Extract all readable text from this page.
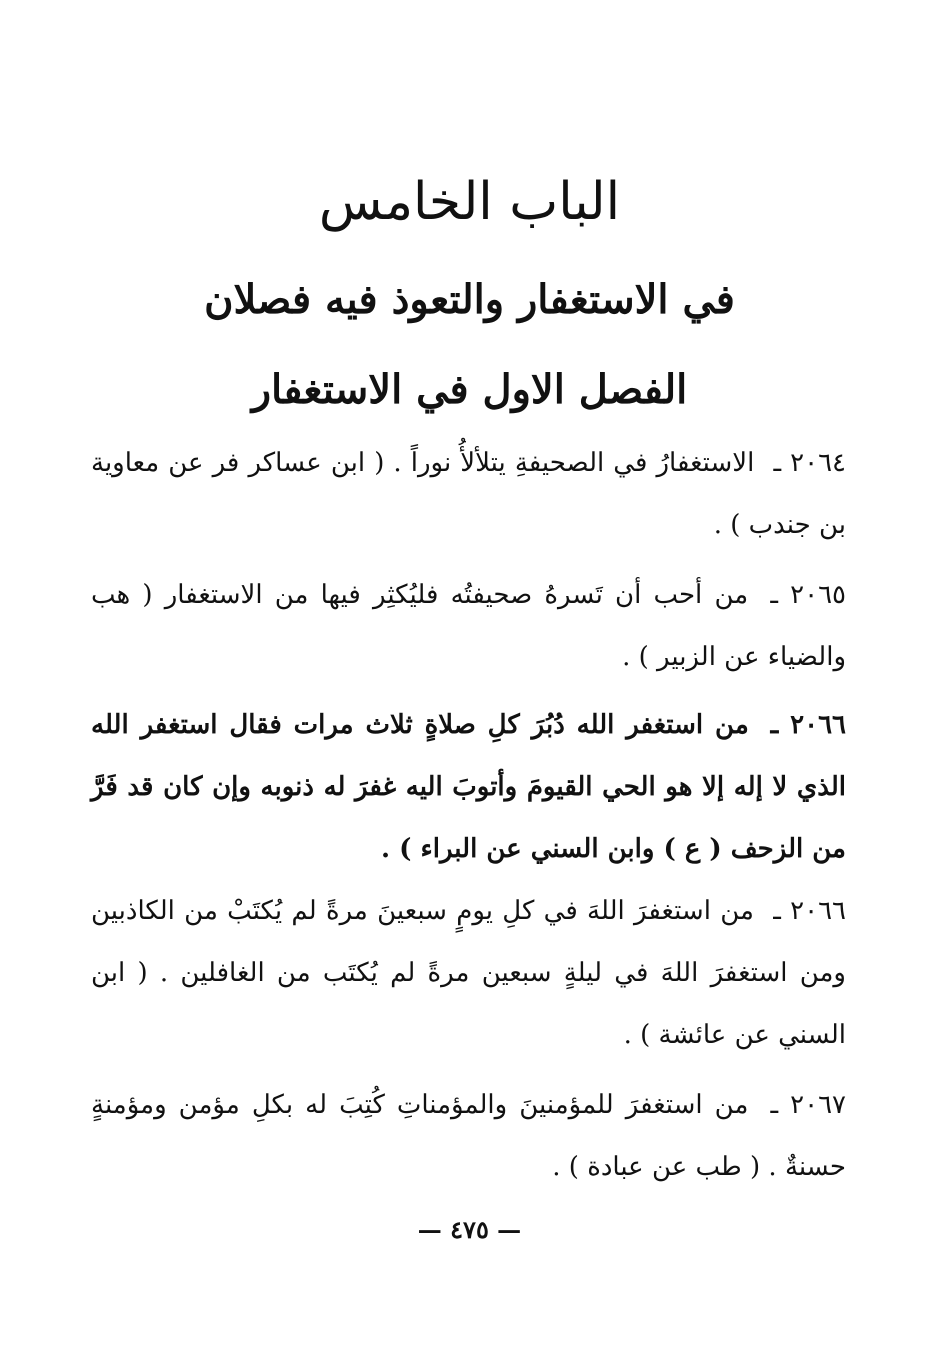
الباب الخامس
في الاستغفار والتعوذ فيه فصلان
الفصل الاول في الاستغفار

٢٠٦٤ ـ الاستغفارُ في الصحيفةِ يتلألأُ نوراً . ( ابن عساكر فر عن معاوية بن جندب ) .

٢٠٦٥ ـ من أحب أن تَسرهُ صحيفتُه فليُكثِر فيها من الاستغفار ( هب والضياء عن الزبير ) .

٢٠٦٦ ـ من استغفر الله دُبُرَ كلِ صلاةٍ ثلاث مرات فقال استغفر الله الذي لا إله إلا هو الحي القيومَ وأتوبَ اليه غفرَ له ذنوبه وإن كان قد فَرَّ من الزحف ( ع ) وابن السني عن البراء ) .

٢٠٦٦ ـ من استغفرَ اللهَ في كلِ يومٍ سبعينَ مرةً لم يُكتَبْ من الكاذبين ومن استغفرَ اللهَ في ليلةٍ سبعين مرةً لم يُكتَب من الغافلين . ( ابن السني عن عائشة ) .

٢٠٦٧ ـ من استغفرَ للمؤمنينَ والمؤمناتِ كُتِبَ له بكلِ مؤمن ومؤمنةٍ حسنةٌ . ( طب عن عبادة ) .

— ٤٧٥ —
